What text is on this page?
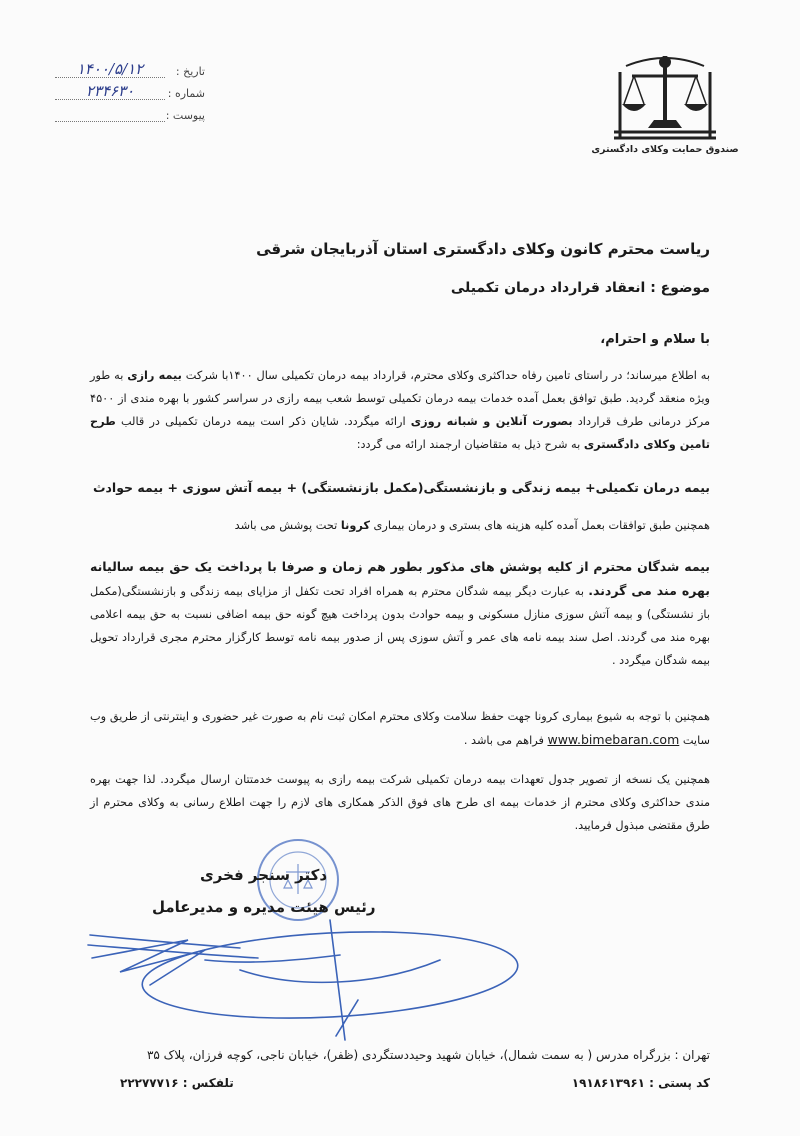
تاریخ :
۱۴۰۰/۵/۱۲
شماره :
۲۳۴۶۳۰
پیوست :
صندوق حمایت وکلای دادگستری
ریاست محترم کانون وکلای دادگستری استان آذربایجان شرقی
موضوع : انعقاد قرارداد درمان تکمیلی
با سلام و احترام،
به اطلاع میرساند؛ در راستای تامین رفاه حداکثری وکلای محترم، قرارداد بیمه درمان تکمیلی سال ۱۴۰۰با شرکت بیمه رازی به طور ویژه منعقد گردید. طبق توافق بعمل آمده خدمات بیمه درمان تکمیلی توسط شعب بیمه رازی در سراسر کشور با بهره مندی از ۴۵۰۰ مرکز درمانی طرف قرارداد بصورت آنلاین و شبانه روزی ارائه میگردد. شایان ذکر است بیمه درمان تکمیلی در قالب طرح تامین وکلای دادگستری به شرح ذیل به متقاضیان ارجمند ارائه می گردد:
بیمه درمان تکمیلی+ بیمه زندگی و بازنشستگی(مکمل بازنشستگی) + بیمه آتش سوزی + بیمه حوادث
همچنین طبق توافقات بعمل آمده کلیه هزینه های بستری و درمان بیماری کرونا تحت پوشش می باشد
بیمه شدگان محترم از کلیه پوشش های مذکور بطور هم زمان و صرفا با پرداخت یک حق بیمه سالیانه بهره مند می گردند. به عبارت دیگر بیمه شدگان محترم به همراه افراد تحت تکفل از مزایای بیمه زندگی و بازنشستگی(مکمل باز نشستگی) و بیمه آتش سوزی منازل مسکونی و بیمه حوادث بدون پرداخت هیچ گونه حق بیمه اضافی نسبت به حق بیمه اعلامی بهره مند می گردند. اصل سند بیمه نامه های عمر و آتش سوزی پس از صدور بیمه نامه توسط کارگزار محترم مجری قرارداد تحویل بیمه شدگان میگردد .
همچنین با توجه به شیوع بیماری کرونا جهت حفظ سلامت وکلای محترم امکان ثبت نام به صورت غیر حضوری و اینترنتی از طریق وب سایت www.bimebaran.com فراهم می باشد .
همچنین یک نسخه از تصویر جدول تعهدات بیمه درمان تکمیلی شرکت بیمه رازی به پیوست خدمتتان ارسال میگردد. لذا جهت بهره مندی حداکثری وکلای محترم از خدمات بیمه ای طرح های فوق الذکر همکاری های لازم را جهت اطلاع رسانی به وکلای محترم از طرق مقتضی مبذول فرمایید.
دکتر سنجر فخری
رئیس هیئت مدیره و مدیرعامل
تهران : بزرگراه مدرس ( به سمت شمال)، خیابان شهید وحیددستگردی (ظفر)، خیابان ناجی، کوچه فرزان، پلاک ۳۵
کد پستی : ۱۹۱۸۶۱۳۹۶۱
تلفکس : ۲۲۲۷۷۷۱۶
